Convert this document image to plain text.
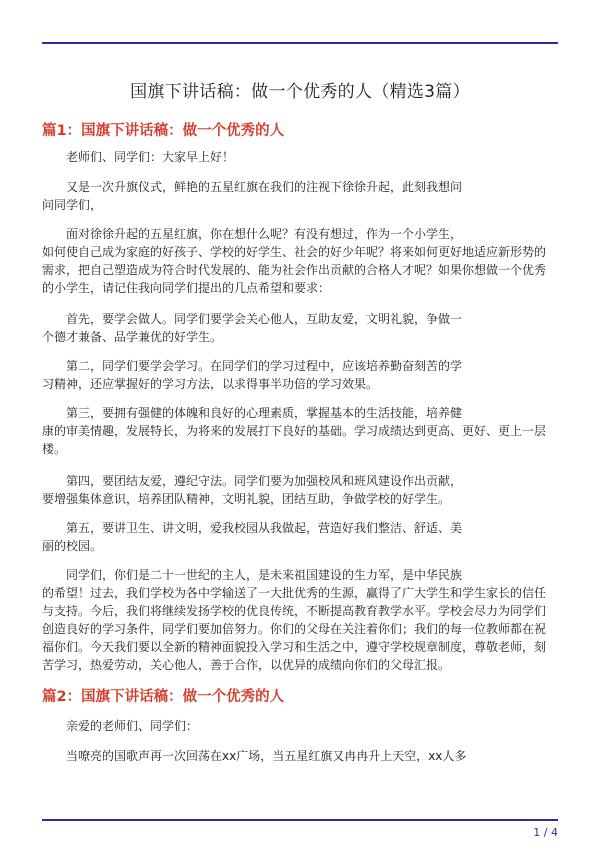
国旗下讲话稿：做一个优秀的人（精选3篇）
篇1：国旗下讲话稿：做一个优秀的人
老师们、同学们：大家早上好！
又是一次升旗仪式，鲜艳的五星红旗在我们的注视下徐徐升起，此刻我想问
问同学们，
面对徐徐升起的五星红旗，你在想什么呢？有没有想过，作为一个小学生，
如何使自己成为家庭的好孩子、学校的好学生、社会的好少年呢？将来如何更好地适应新形势的
需求，把自己塑造成为符合时代发展的、能为社会作出贡献的合格人才呢？如果你想做一个优秀
的小学生，请记住我向同学们提出的几点希望和要求：
首先，要学会做人。同学们要学会关心他人，互助友爱，文明礼貌，争做一
个德才兼备、品学兼优的好学生。
第二，同学们要学会学习。在同学们的学习过程中，应该培养勤奋刻苦的学
习精神，还应掌握好的学习方法，以求得事半功倍的学习效果。
第三，要拥有强健的体魄和良好的心理素质，掌握基本的生活技能，培养健
康的审美情趣，发展特长，为将来的发展打下良好的基础。学习成绩达到更高、更好、更上一层
楼。
第四，要团结友爱，遵纪守法。同学们要为加强校风和班风建设作出贡献，
要增强集体意识，培养团队精神，文明礼貌，团结互助，争做学校的好学生。
第五，要讲卫生、讲文明，爱我校园从我做起，营造好我们整洁、舒适、美
丽的校园。
同学们，你们是二十一世纪的主人，是未来祖国建设的生力军，是中华民族
的希望！过去，我们学校为各中学输送了一大批优秀的生源，赢得了广大学生和学生家长的信任
与支持。今后，我们将继续发扬学校的优良传统，不断提高教育教学水平。学校会尽力为同学们
创造良好的学习条件，同学们要加倍努力。你们的父母在关注着你们；我们的每一位教师都在祝
福你们。今天我们要以全新的精神面貌投入学习和生活之中，遵守学校规章制度，尊敬老师，刻
苦学习，热爱劳动，关心他人，善于合作，以优异的成绩向你们的父母汇报。
篇2：国旗下讲话稿：做一个优秀的人
亲爱的老师们、同学们：
当嘹亮的国歌声再一次回荡在xx广场，当五星红旗又冉冉升上天空，xx人多
1 / 4
